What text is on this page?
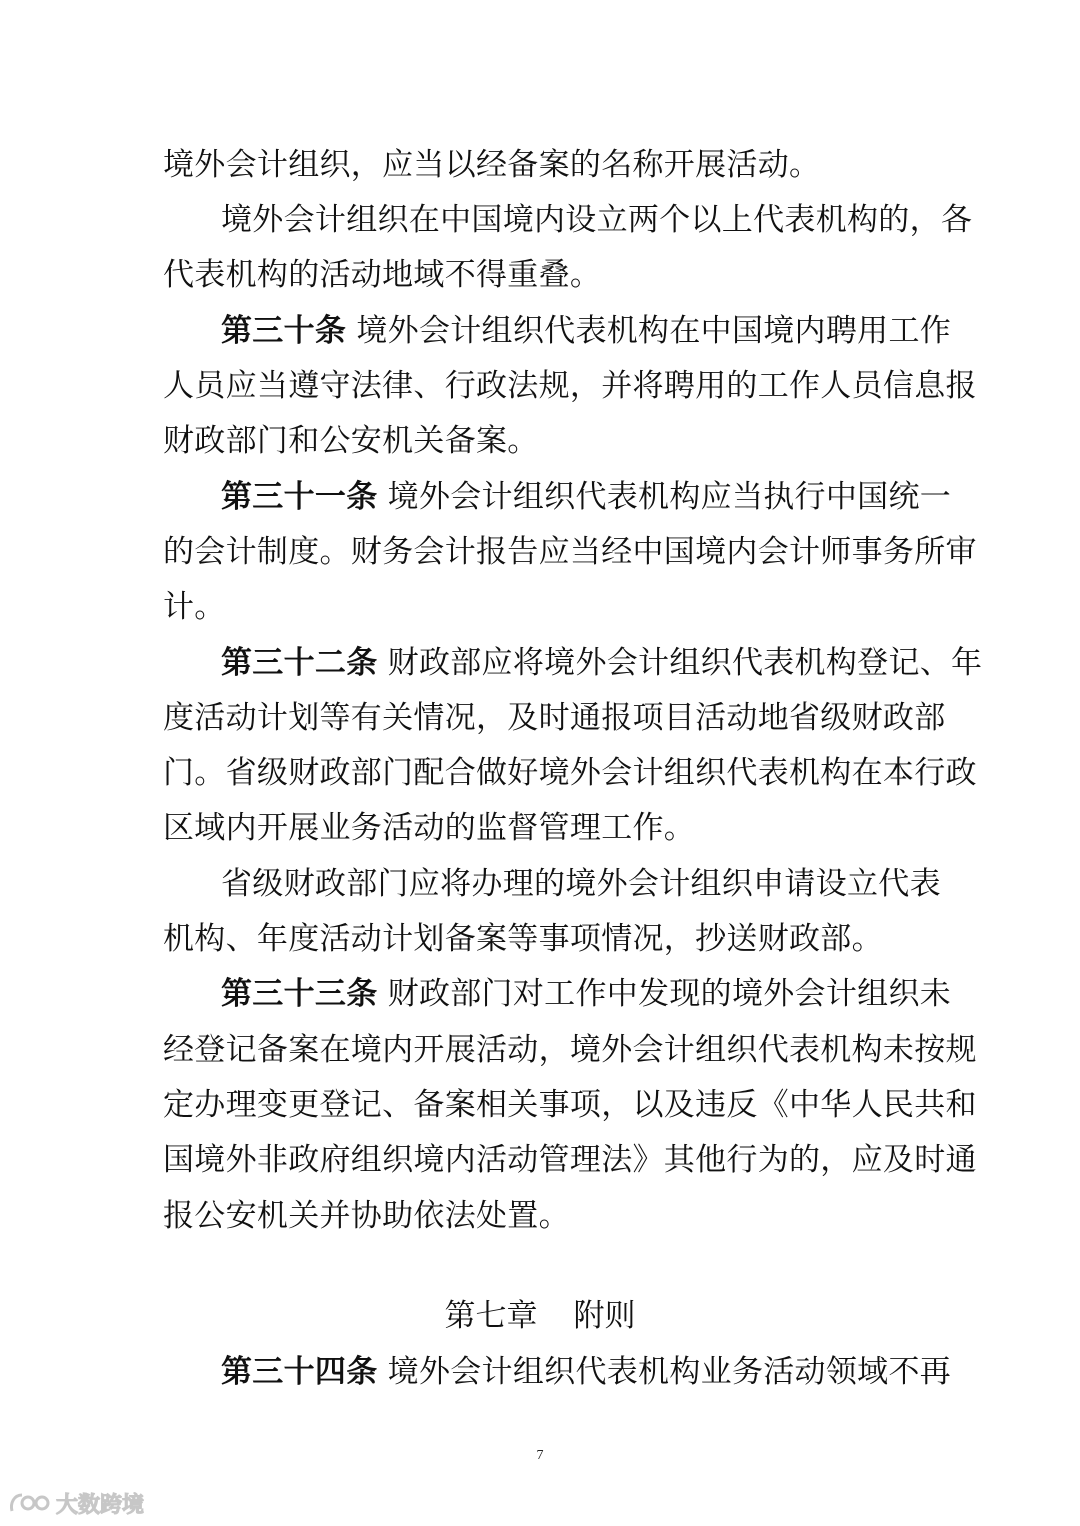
境外会计组织，应当以经备案的名称开展活动。
境外会计组织在中国境内设立两个以上代表机构的，各
代表机构的活动地域不得重叠。
第三十条 境外会计组织代表机构在中国境内聘用工作
人员应当遵守法律、行政法规，并将聘用的工作人员信息报
财政部门和公安机关备案。
第三十一条 境外会计组织代表机构应当执行中国统一
的会计制度。财务会计报告应当经中国境内会计师事务所审
计。
第三十二条 财政部应将境外会计组织代表机构登记、年
度活动计划等有关情况，及时通报项目活动地省级财政部
门。省级财政部门配合做好境外会计组织代表机构在本行政
区域内开展业务活动的监督管理工作。
省级财政部门应将办理的境外会计组织申请设立代表
机构、年度活动计划备案等事项情况，抄送财政部。
第三十三条 财政部门对工作中发现的境外会计组织未
经登记备案在境内开展活动，境外会计组织代表机构未按规
定办理变更登记、备案相关事项，以及违反《中华人民共和
国境外非政府组织境内活动管理法》其他行为的，应及时通
报公安机关并协助依法处置。
第七章 附则
第三十四条 境外会计组织代表机构业务活动领域不再
7
大数跨境
